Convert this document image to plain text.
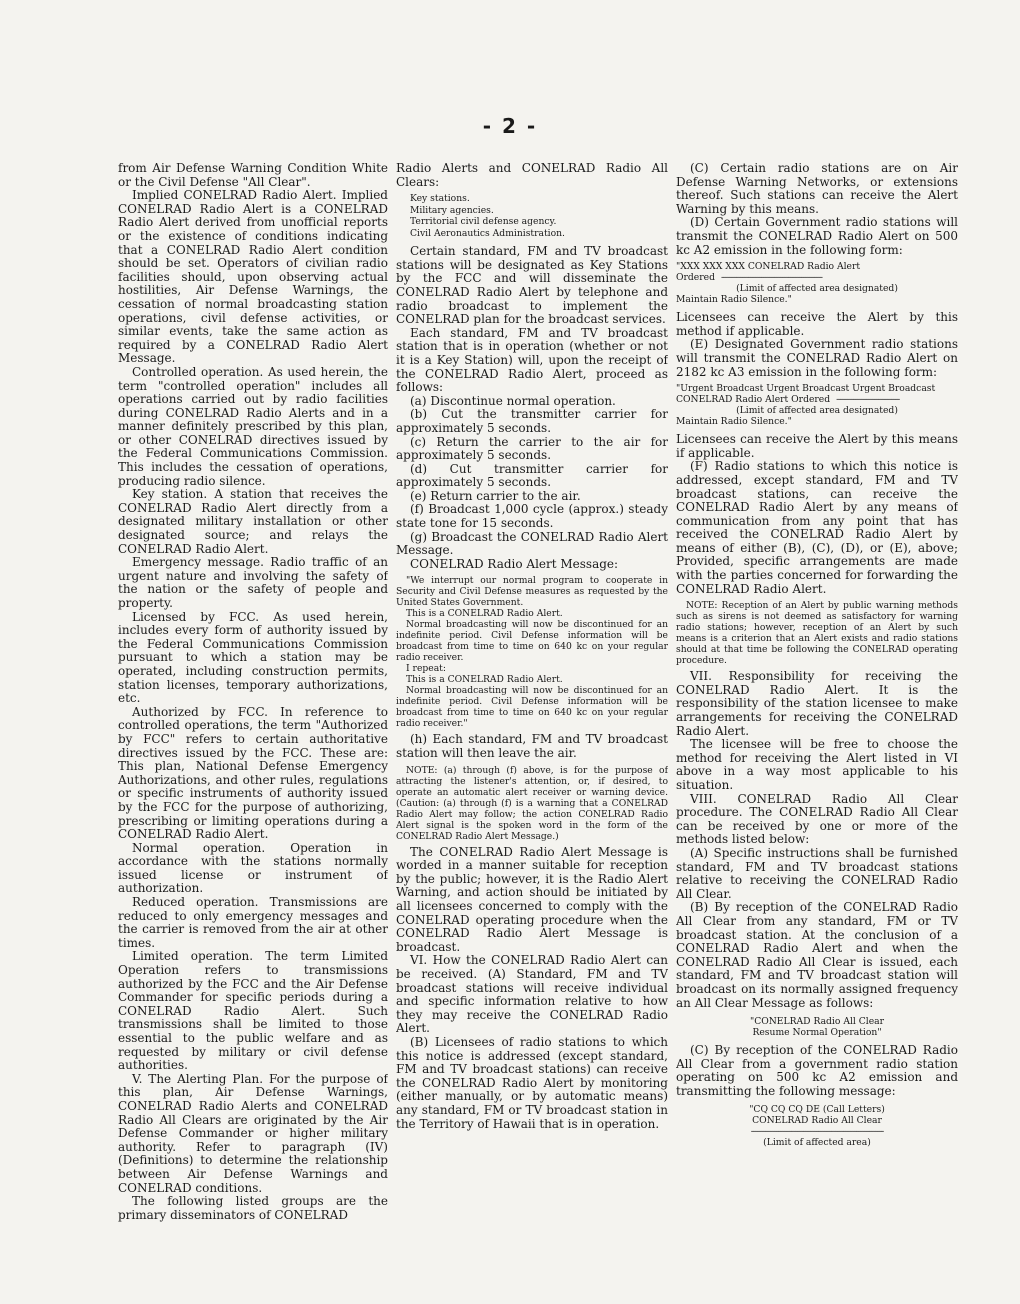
- 2 -

from Air Defense Warning Condition White or the Civil Defense "All Clear".

Implied CONELRAD Radio Alert. Implied CONELRAD Radio Alert is a CONELRAD Radio Alert derived from unofficial reports or the existence of conditions indicating that a CONELRAD Radio Alert condition should be set. Operators of civilian radio facilities should, upon observing actual hostilities, Air Defense Warnings, the cessation of normal broadcasting station operations, civil defense activities, or similar events, take the same action as required by a CONELRAD Radio Alert Message.

Controlled operation. As used herein, the term "controlled operation" includes all operations carried out by radio facilities during CONELRAD Radio Alerts and in a manner definitely prescribed by this plan, or other CONELRAD directives issued by the Federal Communications Commission. This includes the cessation of operations, producing radio silence.

Key station. A station that receives the CONELRAD Radio Alert directly from a designated military installation or other designated source; and relays the CONELRAD Radio Alert.

Emergency message. Radio traffic of an urgent nature and involving the safety of the nation or the safety of people and property.

Licensed by FCC. As used herein, includes every form of authority issued by the Federal Communications Commission pursuant to which a station may be operated, including construction permits, station licenses, temporary authorizations, etc.

Authorized by FCC. In reference to controlled operations, the term "Authorized by FCC" refers to certain authoritative directives issued by the FCC. These are: This plan, National Defense Emergency Authorizations, and other rules, regulations or specific instruments of authority issued by the FCC for the purpose of authorizing, prescribing or limiting operations during a CONELRAD Radio Alert.

Normal operation. Operation in accordance with the stations normally issued license or instrument of authorization.

Reduced operation. Transmissions are reduced to only emergency messages and the carrier is removed from the air at other times.

Limited operation. The term Limited Operation refers to transmissions authorized by the FCC and the Air Defense Commander for specific periods during a CONELRAD Radio Alert. Such transmissions shall be limited to those essential to the public welfare and as requested by military or civil defense authorities.

V. The Alerting Plan. For the purpose of this plan, Air Defense Warnings, CONELRAD Radio Alerts and CONELRAD Radio All Clears are originated by the Air Defense Commander or higher military authority. Refer to paragraph (IV) (Definitions) to determine the relationship between Air Defense Warnings and CONELRAD conditions.

The following listed groups are the primary disseminators of CONELRAD

Radio Alerts and CONELRAD Radio All Clears:

Key stations.
Military agencies.
Territorial civil defense agency.
Civil Aeronautics Administration.

Certain standard, FM and TV broadcast stations will be designated as Key Stations by the FCC and will disseminate the CONELRAD Radio Alert by telephone and radio broadcast to implement the CONELRAD plan for the broadcast services.

Each standard, FM and TV broadcast station that is in operation (whether or not it is a Key Station) will, upon the receipt of the CONELRAD Radio Alert, proceed as follows:

(a) Discontinue normal operation.

(b) Cut the transmitter carrier for approximately 5 seconds.

(c) Return the carrier to the air for approximately 5 seconds.

(d) Cut transmitter carrier for approximately 5 seconds.

(e) Return carrier to the air.

(f) Broadcast 1,000 cycle (approx.) steady state tone for 15 seconds.

(g) Broadcast the CONELRAD Radio Alert Message.

CONELRAD Radio Alert Message:

"We interrupt our normal program to cooperate in Security and Civil Defense measures as requested by the United States Government.

This is a CONELRAD Radio Alert.

Normal broadcasting will now be discontinued for an indefinite period. Civil Defense information will be broadcast from time to time on 640 kc on your regular radio receiver.

I repeat:

This is a CONELRAD Radio Alert.

Normal broadcasting will now be discontinued for an indefinite period. Civil Defense information will be broadcast from time to time on 640 kc on your regular radio receiver."

(h) Each standard, FM and TV broadcast station will then leave the air.

NOTE: (a) through (f) above, is for the purpose of attracting the listener's attention, or, if desired, to operate an automatic alert receiver or warning device. (Caution: (a) through (f) is a warning that a CONELRAD Radio Alert may follow; the action CONELRAD Radio Alert signal is the spoken word in the form of the CONELRAD Radio Alert Message.)

The CONELRAD Radio Alert Message is worded in a manner suitable for reception by the public; however, it is the Radio Alert Warning, and action should be initiated by all licensees concerned to comply with the CONELRAD operating procedure when the CONELRAD Radio Alert Message is broadcast.

VI. How the CONELRAD Radio Alert can be received. (A) Standard, FM and TV broadcast stations will receive individual and specific information relative to how they may receive the CONELRAD Radio Alert.

(B) Licensees of radio stations to which this notice is addressed (except standard, FM and TV broadcast stations) can receive the CONELRAD Radio Alert by monitoring (either manually, or by automatic means) any standard, FM or TV broadcast station in the Territory of Hawaii that is in operation.

(C) Certain radio stations are on Air Defense Warning Networks, or extensions thereof. Such stations can receive the Alert Warning by this means.

(D) Certain Government radio stations will transmit the CONELRAD Radio Alert on 500 kc A2 emission in the following form:

"XXX XXX XXX CONELRAD Radio Alert
Ordered ------------------------------------------------
(Limit of affected area designated)
Maintain Radio Silence."

Licensees can receive the Alert by this method if applicable.

(E) Designated Government radio stations will transmit the CONELRAD Radio Alert on 2182 kc A3 emission in the following form:

"Urgent Broadcast Urgent Broadcast Urgent Broadcast
CONELRAD Radio Alert Ordered ------------------------------
(Limit of affected area designated)
Maintain Radio Silence."

Licensees can receive the Alert by this means if applicable.

(F) Radio stations to which this notice is addressed, except standard, FM and TV broadcast stations, can receive the CONELRAD Radio Alert by any means of communication from any point that has received the CONELRAD Radio Alert by means of either (B), (C), (D), or (E), above; Provided, specific arrangements are made with the parties concerned for forwarding the CONELRAD Radio Alert.

NOTE: Reception of an Alert by public warning methods such as sirens is not deemed as satisfactory for warning radio stations; however, reception of an Alert by such means is a criterion that an Alert exists and radio stations should at that time be following the CONELRAD operating procedure.

VII. Responsibility for receiving the CONELRAD Radio Alert. It is the responsibility of the station licensee to make arrangements for receiving the CONELRAD Radio Alert.

The licensee will be free to choose the method for receiving the Alert listed in VI above in a way most applicable to his situation.

VIII. CONELRAD Radio All Clear procedure. The CONELRAD Radio All Clear can be received by one or more of the methods listed below:

(A) Specific instructions shall be furnished standard, FM and TV broadcast stations relative to receiving the CONELRAD Radio All Clear.

(B) By reception of the CONELRAD Radio All Clear from any standard, FM or TV broadcast station. At the conclusion of a CONELRAD Radio Alert and when the CONELRAD Radio All Clear is issued, each standard, FM and TV broadcast station will broadcast on its normally assigned frequency an All Clear Message as follows:

"CONELRAD Radio All Clear
Resume Normal Operation"

(C) By reception of the CONELRAD Radio All Clear from a government radio station operating on 500 kc A2 emission and transmitting the following message:

"CQ CQ CQ DE (Call Letters)
CONELRAD Radio All Clear
---------------------------------------------------------------
(Limit of affected area)
